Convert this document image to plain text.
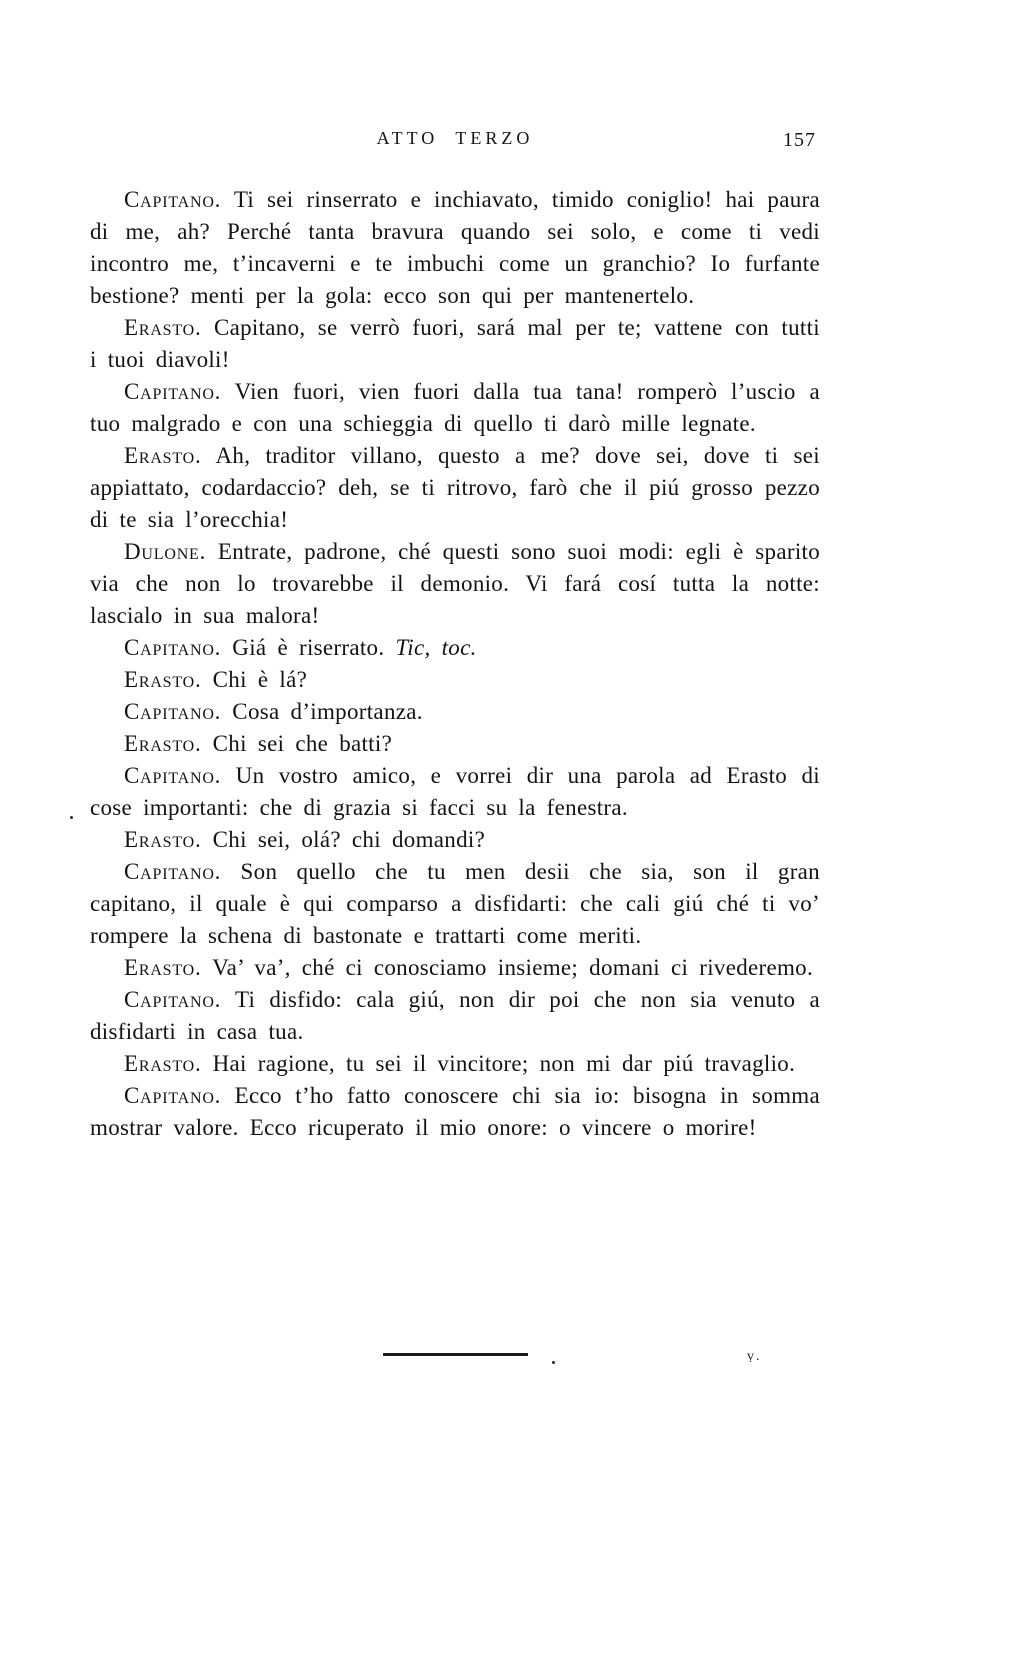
ATTO TERZO	157

Capitano. Ti sei rinserrato e inchiavato, timido coniglio! hai paura di me, ah? Perché tanta bravura quando sei solo, e come ti vedi incontro me, t’incaverni e te imbuchi come un granchio? Io furfante bestione? menti per la gola: ecco son qui per mantenertelo.

Erasto. Capitano, se verrò fuori, sará mal per te; vattene con tutti i tuoi diavoli!

Capitano. Vien fuori, vien fuori dalla tua tana! romperò l’uscio a tuo malgrado e con una schieggia di quello ti darò mille legnate.

Erasto. Ah, traditor villano, questo a me? dove sei, dove ti sei appiattato, codardaccio? deh, se ti ritrovo, farò che il piú grosso pezzo di te sia l’orecchia!

Dulone. Entrate, padrone, ché questi sono suoi modi: egli è sparito via che non lo trovarebbe il demonio. Vi fará cosí tutta la notte: lascialo in sua malora!

Capitano. Giá è riserrato. Tic, toc.

Erasto. Chi è lá?

Capitano. Cosa d’importanza.

Erasto. Chi sei che batti?

Capitano. Un vostro amico, e vorrei dir una parola ad Erasto di cose importanti: che di grazia si facci su la fenestra.

Erasto. Chi sei, olá? chi domandi?

Capitano. Son quello che tu men desii che sia, son il gran capitano, il quale è qui comparso a disfidarti: che cali giú ché ti vo’ rompere la schena di bastonate e trattarti come meriti.

Erasto. Va’ va’, ché ci conosciamo insieme; domani ci rivederemo.

Capitano. Ti disfido: cala giú, non dir poi che non sia venuto a disfidarti in casa tua.

Erasto. Hai ragione, tu sei il vincitore; non mi dar piú travaglio.

Capitano. Ecco t’ho fatto conoscere chi sia io: bisogna in somma mostrar valore. Ecco ricuperato il mio onore: o vincere o morire!

ṿ.
